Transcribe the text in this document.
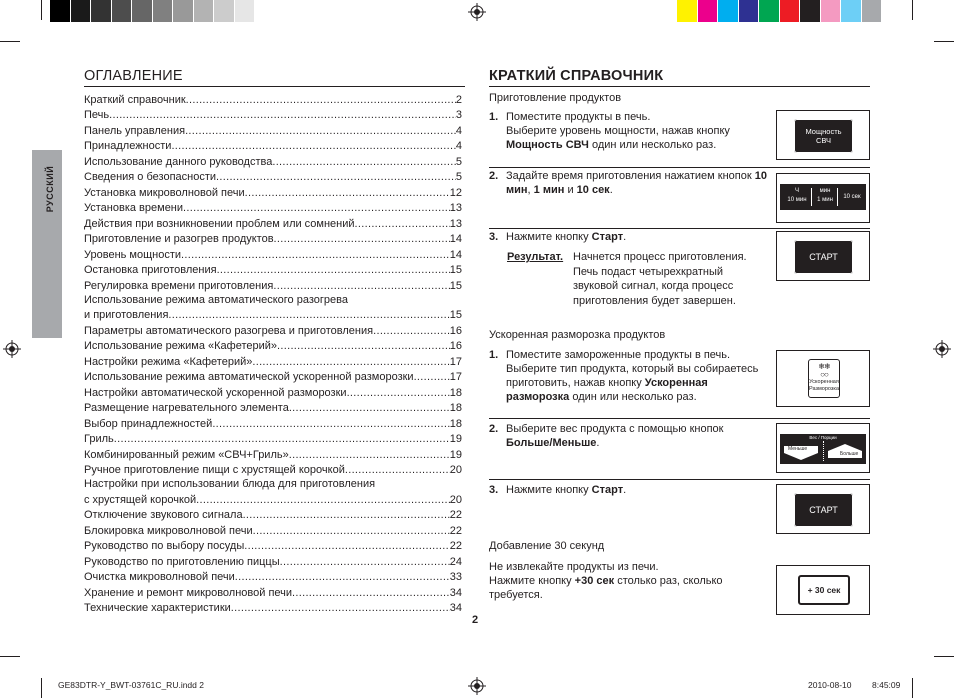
РУССКИЙ
ОГЛАВЛЕНИЕ
Краткий справочник .....	2
Печь .....	3
Панель управления .....	4
Принадлежности .....	4
Использование данного руководства .....	5
Сведения о безопасности .....	5
Установка микроволновой печи .....	12
Установка времени .....	13
Действия при возникновении проблем или сомнений .....	13
Приготовление и разогрев продуктов .....	14
Уровень мощности .....	14
Остановка приготовления .....	15
Регулировка времени приготовления .....	15
Использование режима автоматического разогрева
и приготовления .....	15
Параметры автоматического разогрева и приготовления .....	16
Использование режима «Кафетерий» .....	16
Настройки режима «Кафетерий» .....	17
Использование режима автоматической ускоренной разморозки .....	17
Настройки автоматической ускоренной разморозки .....	18
Размещение нагревательного элемента .....	18
Выбор принадлежностей .....	18
Гриль .....	19
Комбинированный режим «СВЧ+Гриль» .....	19
Ручное приготовление пищи с хрустящей корочкой .....	20
Настройки при использовании блюда для приготовления
с хрустящей корочкой .....	20
Отключение звукового сигнала .....	22
Блокировка микроволновой печи .....	22
Руководство по выбору посуды .....	22
Руководство по приготовлению пиццы .....	24
Очистка микроволновой печи .....	33
Хранение и ремонт микроволновой печи .....	34
Технические характеристики .....	34
КРАТКИЙ СПРАВОЧНИК
Приготовление продуктов
1. Поместите продукты в печь.
Выберите уровень мощности, нажав кнопку Мощность СВЧ один или несколько раз.
Мощность
СВЧ
2. Задайте время приготовления нажатием кнопок 10 мин, 1 мин и 10 сек.	Ч
10 мин
мин
1 мин	10 сек
3. Нажмите кнопку Старт.
СТАРТ
Результат. Начнется процесс приготовления. Печь подаст четырехкратный звуковой сигнал, когда процесс приготовления будет завершен.
Ускоренная разморозка продуктов
1. Поместите замороженные продукты в печь. Выберите тип продукта, который вы собираетесь приготовить, нажав кнопку Ускоренная разморозка один или несколько раз.
❄❄
○○
Ускоренная
Разморозка
2. Выберите вес продукта с помощью кнопок Больше/Меньше.	Вес / Порции
Меньше
Больше
3. Нажмите кнопку Старт.
СТАРТ
Добавление 30 секунд
Не извлекайте продукты из печи.
Нажмите кнопку +30 сек столько раз, сколько требуется.	+ 30 сек
2
GE83DTR-Y_BWT-03761C_RU.indd 2	2010-08-10 8:45:09
